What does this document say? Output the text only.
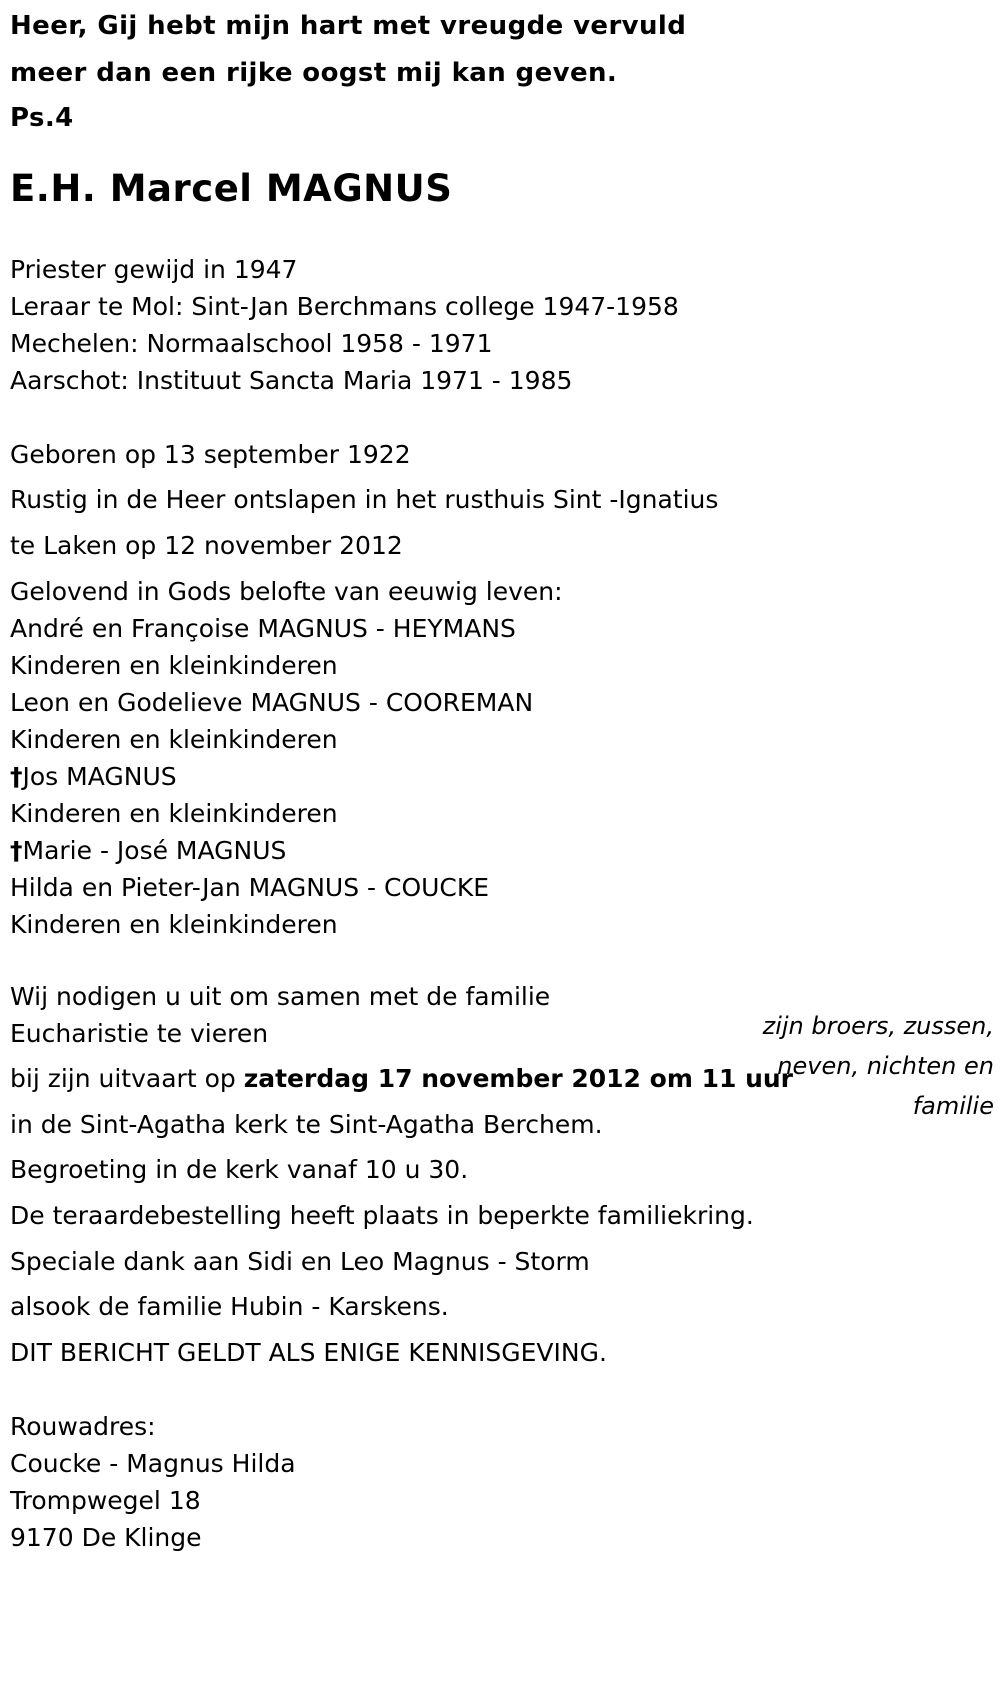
Heer, Gij hebt mijn hart met vreugde vervuld
meer dan een rijke oogst mij kan geven.
Ps.4
E.H. Marcel MAGNUS
Priester gewijd in 1947
Leraar te Mol: Sint-Jan Berchmans college 1947-1958
Mechelen: Normaalschool 1958 - 1971
Aarschot: Instituut Sancta Maria 1971 - 1985
Geboren op 13 september 1922
Rustig in de Heer ontslapen in het rusthuis Sint -Ignatius
te Laken op 12 november 2012
Gelovend in Gods belofte van eeuwig leven:
André en Françoise MAGNUS - HEYMANS
Kinderen en kleinkinderen
Leon en Godelieve MAGNUS - COOREMAN
Kinderen en kleinkinderen
†Jos MAGNUS
Kinderen en kleinkinderen
†Marie - José MAGNUS
Hilda en Pieter-Jan MAGNUS - COUCKE
Kinderen en kleinkinderen
zijn broers, zussen,
neven, nichten en
familie
Wij nodigen u uit om samen met de familie
Eucharistie te vieren
bij zijn uitvaart op zaterdag 17 november 2012 om 11 uur
in de Sint-Agatha kerk te Sint-Agatha Berchem.
Begroeting in de kerk vanaf 10 u 30.
De teraardebestelling heeft plaats in beperkte familiekring.
Speciale dank aan Sidi en Leo Magnus - Storm
alsook de familie Hubin - Karskens.
DIT BERICHT GELDT ALS ENIGE KENNISGEVING.
Rouwadres:
Coucke - Magnus Hilda
Trompwegel 18
9170 De Klinge
